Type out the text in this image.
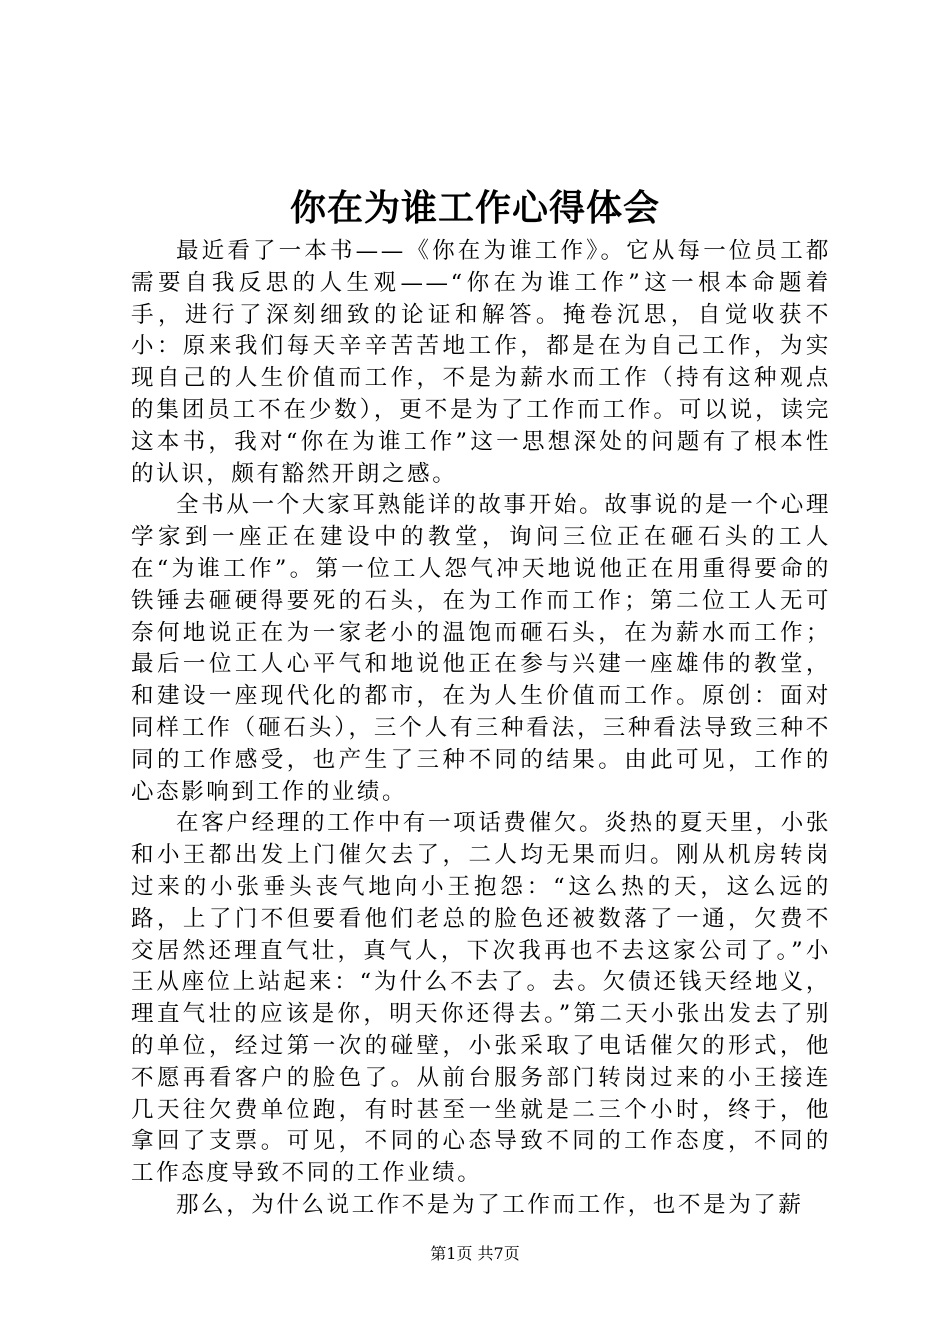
你在为谁工作心得体会

最近看了一本书——《你在为谁工作》。它从每一位员工都需要自我反思的人生观——“你在为谁工作”这一根本命题着手，进行了深刻细致的论证和解答。掩卷沉思，自觉收获不小：原来我们每天辛辛苦苦地工作，都是在为自己工作，为实现自己的人生价值而工作，不是为薪水而工作（持有这种观点的集团员工不在少数），更不是为了工作而工作。可以说，读完这本书，我对“你在为谁工作”这一思想深处的问题有了根本性的认识，颇有豁然开朗之感。

全书从一个大家耳熟能详的故事开始。故事说的是一个心理学家到一座正在建设中的教堂，询问三位正在砸石头的工人在“为谁工作”。第一位工人怨气冲天地说他正在用重得要命的铁锤去砸硬得要死的石头，在为工作而工作；第二位工人无可奈何地说正在为一家老小的温饱而砸石头，在为薪水而工作；最后一位工人心平气和地说他正在参与兴建一座雄伟的教堂，和建设一座现代化的都市，在为人生价值而工作。原创：面对同样工作（砸石头），三个人有三种看法，三种看法导致三种不同的工作感受，也产生了三种不同的结果。由此可见，工作的心态影响到工作的业绩。

在客户经理的工作中有一项话费催欠。炎热的夏天里，小张和小王都出发上门催欠去了，二人均无果而归。刚从机房转岗过来的小张垂头丧气地向小王抱怨：“这么热的天，这么远的路，上了门不但要看他们老总的脸色还被数落了一通，欠费不交居然还理直气壮，真气人，下次我再也不去这家公司了。”小王从座位上站起来：“为什么不去了。去。欠债还钱天经地义，理直气壮的应该是你，明天你还得去。”第二天小张出发去了别的单位，经过第一次的碰壁，小张采取了电话催欠的形式，他不愿再看客户的脸色了。从前台服务部门转岗过来的小王接连几天往欠费单位跑，有时甚至一坐就是二三个小时，终于，他拿回了支票。可见，不同的心态导致不同的工作态度，不同的工作态度导致不同的工作业绩。

那么，为什么说工作不是为了工作而工作，也不是为了薪

第1页 共7页
